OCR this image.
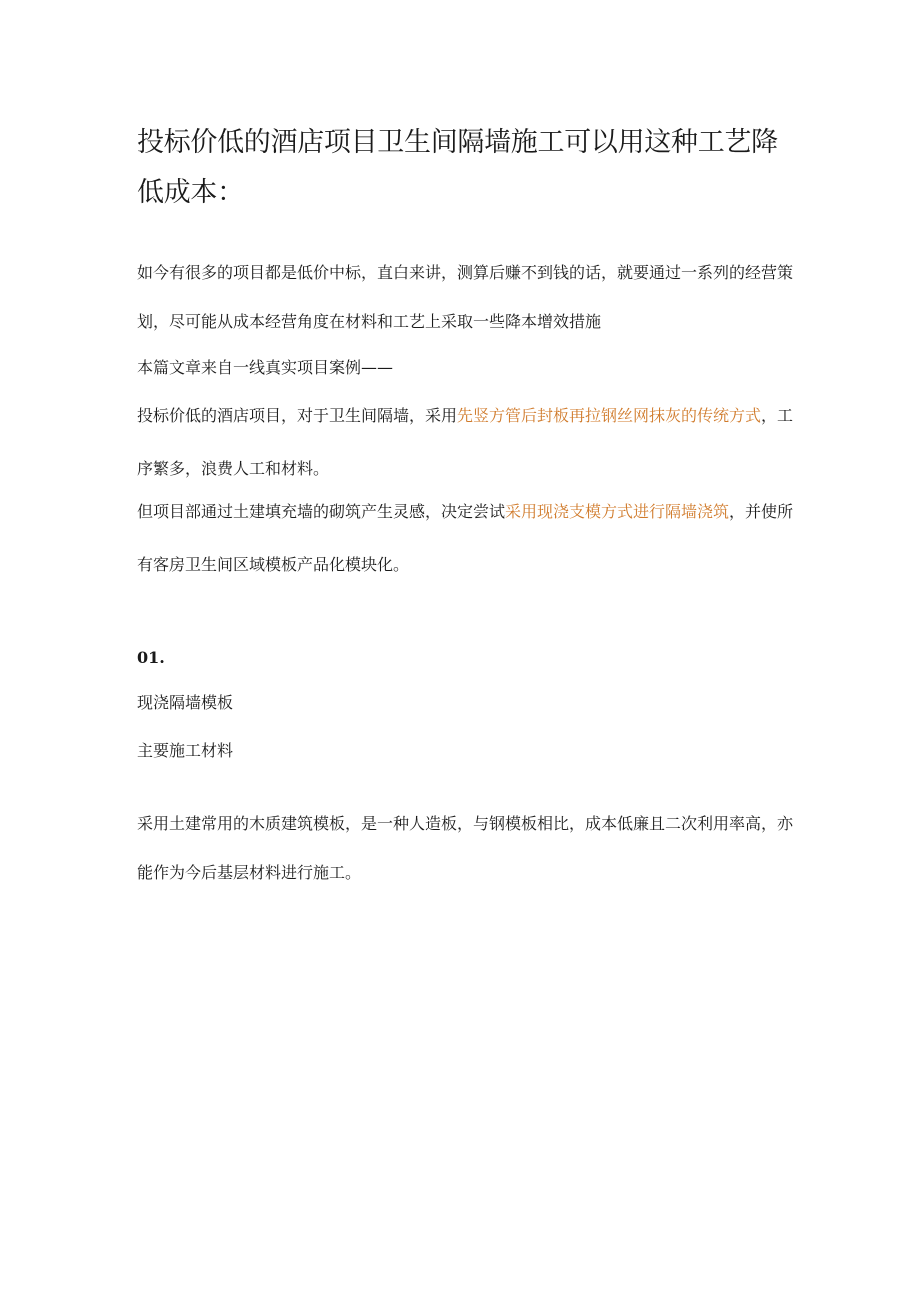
投标价低的酒店项目卫生间隔墙施工可以用这种工艺降低成本：

如今有很多的项目都是低价中标，直白来讲，测算后赚不到钱的话，就要通过一系列的经营策划，尽可能从成本经营角度在材料和工艺上采取一些降本增效措施

本篇文章来自一线真实项目案例——

投标价低的酒店项目，对于卫生间隔墙，采用先竖方管后封板再拉钢丝网抹灰的传统方式，工序繁多，浪费人工和材料。

但项目部通过土建填充墙的砌筑产生灵感，决定尝试采用现浇支模方式进行隔墙浇筑，并使所有客房卫生间区域模板产品化模块化。

01.

现浇隔墙模板

主要施工材料

采用土建常用的木质建筑模板，是一种人造板，与钢模板相比，成本低廉且二次利用率高，亦能作为今后基层材料进行施工。
